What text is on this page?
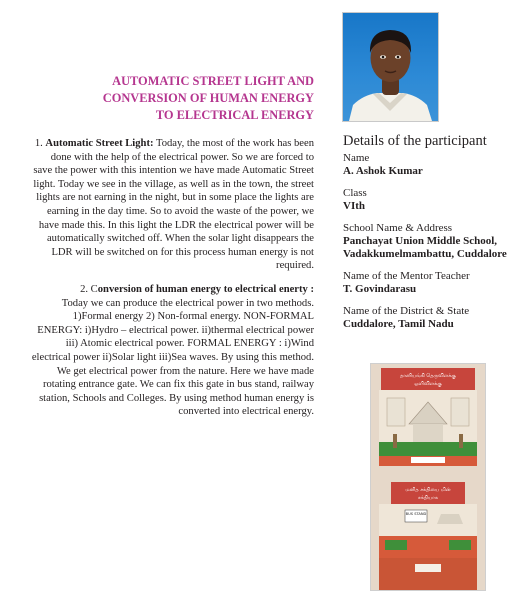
AUTOMATIC STREET LIGHT AND
CONVERSION OF HUMAN ENERGY
TO ELECTRICAL ENERGY

1. Automatic Street Light: Today, the most of the work has been done with the help of the electrical power. So we are forced to save the power with this intention we have made Automatic Street light. Today we see in the village, as well as in the town, the street lights are not earning in the night, but in some place the lights are earning in the day time. So to avoid the waste of the power, we have made this. In this light the LDR the electrical power will be automatically switched off. When the solar light disappears the LDR will be switched on for this process human energy is not required.

2. Conversion of human energy to electrical enerty :
Today we can produce the electrical power in two methods. 1)Formal energy 2) Non-formal energy. NON-FORMAL ENERGY: i)Hydro – electrical power. ii)thermal electrical power iii) Atomic electrical power. FORMAL ENERGY : i)Wind electrical power ii)Solar light iii)Sea waves. By using this method. We get electrical power from the nature. Here we have made rotating entrance gate. We can fix this gate in bus stand, railway station, Schools and Colleges. By using method human energy is converted into electrical energy.

Details of the participant
Name
A. Ashok Kumar
Class
VIth
School Name & Address
Panchayat Union Middle School, Vadakkumelmambattu, Cuddalore
Name of the Mentor Teacher
T. Govindarasu
Name of the District & State
Cuddalore, Tamil Nadu
தானியங்கி தெருவிளக்கு
ஒளிவிளக்கு
மனித சக்தியை மின்
சக்தியாக
BUS STAND
